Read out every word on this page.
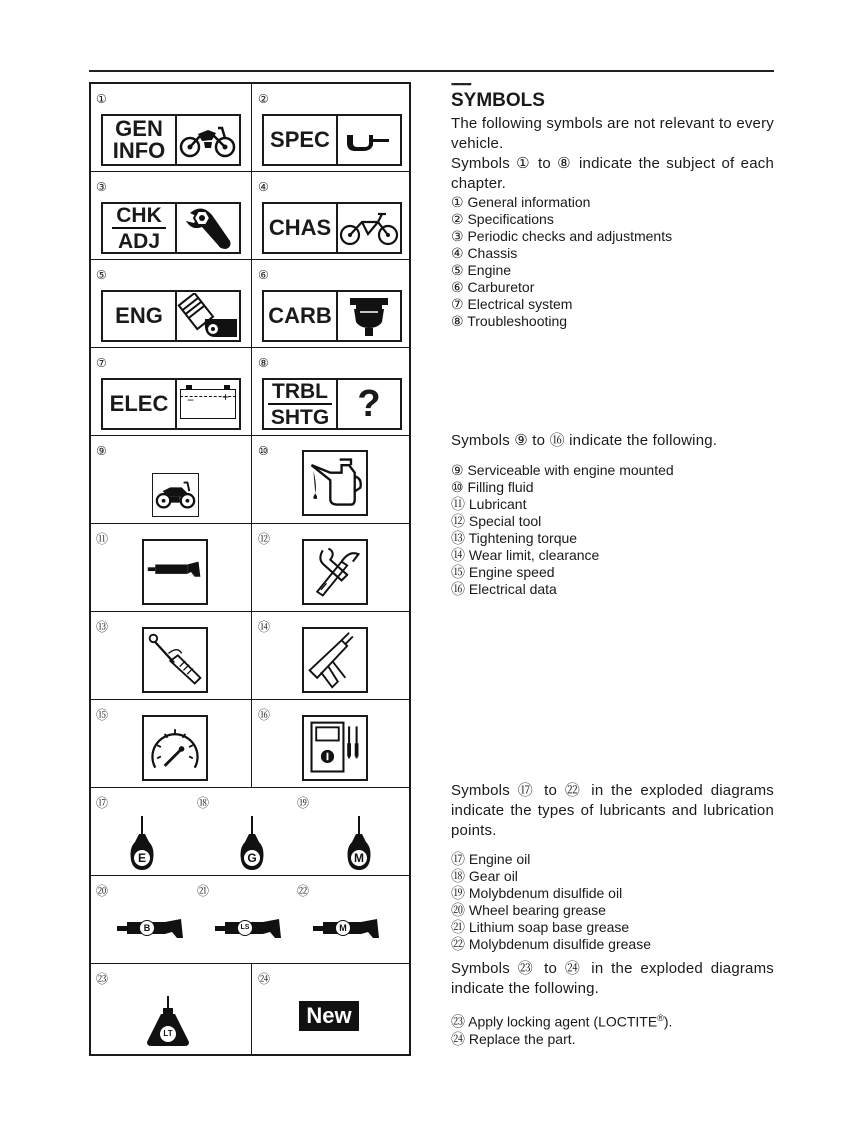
①
GEN
INFO
②
SPEC
③
CHK
ADJ
④
CHAS
⑤
ENG
⑥
CARB
⑦
ELEC	− +
⑧
TRBL
SHTG ?
⑨	⑩
⑪	⑫
⑬	⑭
⑮	⑯
⑰	⑱	⑲
E	G	M
⑳	㉑	㉒
B	LS	M
㉓
LT
㉔
New
▪▪▪▪▪▪▪▪▪
SYMBOLS
The following symbols are not relevant to every vehicle.
Symbols ① to ⑧ indicate the subject of each chapter.
① General information
② Specifications
③ Periodic checks and adjustments
④ Chassis
⑤ Engine
⑥ Carburetor
⑦ Electrical system
⑧ Troubleshooting
Symbols ⑨ to ⑯ indicate the following.
⑨ Serviceable with engine mounted
⑩ Filling fluid
⑪ Lubricant
⑫ Special tool
⑬ Tightening torque
⑭ Wear limit, clearance
⑮ Engine speed
⑯ Electrical data
Symbols ⑰ to ㉒ in the exploded diagrams indicate the types of lubricants and lubrication points.
⑰ Engine oil
⑱ Gear oil
⑲ Molybdenum disulfide oil
⑳ Wheel bearing grease
㉑ Lithium soap base grease
㉒ Molybdenum disulfide grease
Symbols ㉓ to ㉔ in the exploded diagrams indicate the following.
㉓ Apply locking agent (LOCTITE®).
㉔ Replace the part.
